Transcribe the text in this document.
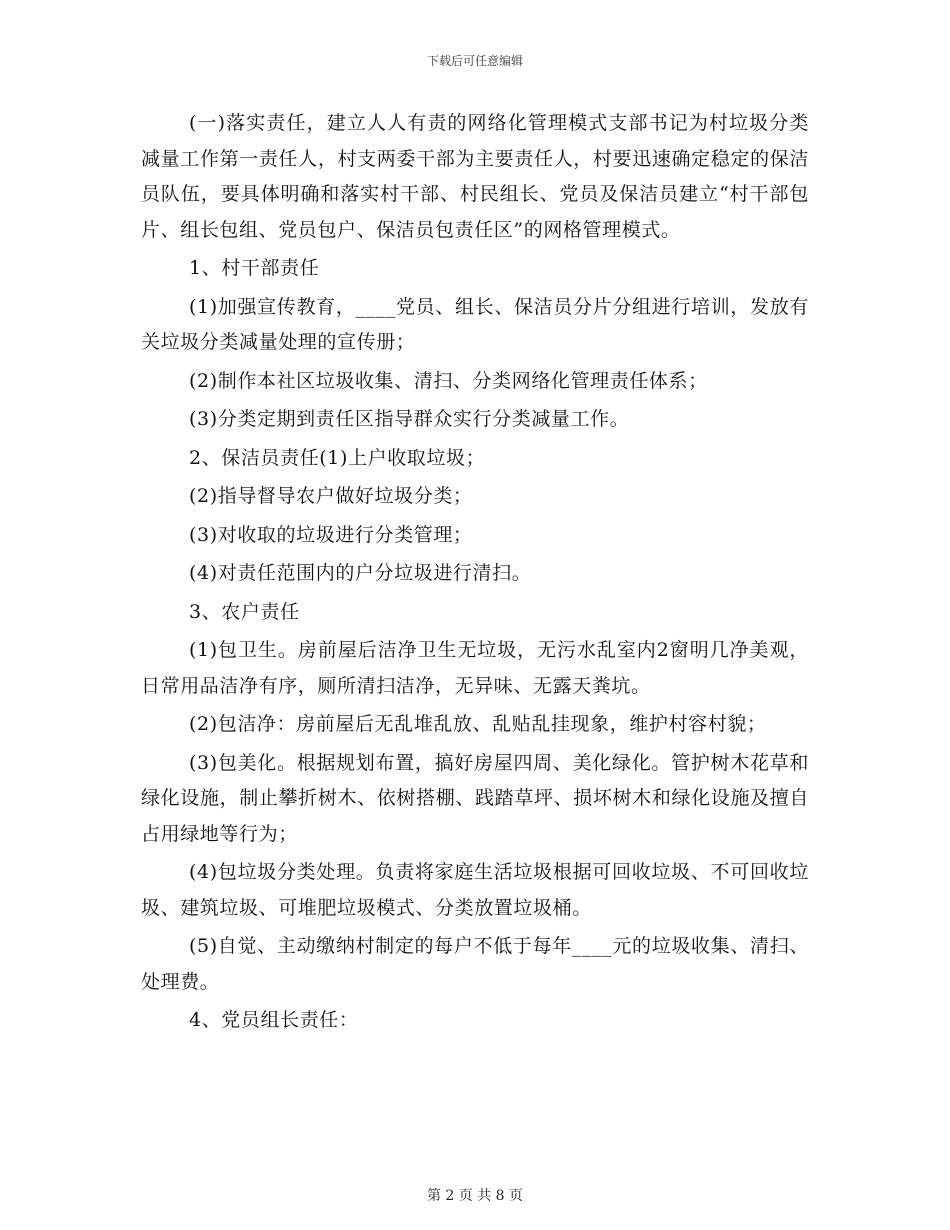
下载后可任意编辑

(一)落实责任，建立人人有责的网络化管理模式支部书记为村垃圾分类减量工作第一责任人，村支两委干部为主要责任人，村要迅速确定稳定的保洁员队伍，要具体明确和落实村干部、村民组长、党员及保洁员建立“村干部包片、组长包组、党员包户、保洁员包责任区”的网格管理模式。

1、村干部责任

(1)加强宣传教育，____党员、组长、保洁员分片分组进行培训，发放有关垃圾分类减量处理的宣传册；

(2)制作本社区垃圾收集、清扫、分类网络化管理责任体系；

(3)分类定期到责任区指导群众实行分类减量工作。

2、保洁员责任(1)上户收取垃圾；

(2)指导督导农户做好垃圾分类；

(3)对收取的垃圾进行分类管理；

(4)对责任范围内的户分垃圾进行清扫。

3、农户责任

(1)包卫生。房前屋后洁净卫生无垃圾，无污水乱室内2窗明几净美观，日常用品洁净有序，厕所清扫洁净，无异味、无露天粪坑。

(2)包洁净：房前屋后无乱堆乱放、乱贴乱挂现象，维护村容村貌；

(3)包美化。根据规划布置，搞好房屋四周、美化绿化。管护树木花草和绿化设施，制止攀折树木、依树搭棚、践踏草坪、损坏树木和绿化设施及擅自占用绿地等行为；

(4)包垃圾分类处理。负责将家庭生活垃圾根据可回收垃圾、不可回收垃圾、建筑垃圾、可堆肥垃圾模式、分类放置垃圾桶。

(5)自觉、主动缴纳村制定的每户不低于每年____元的垃圾收集、清扫、处理费。

4、党员组长责任：

第 2 页 共 8 页
